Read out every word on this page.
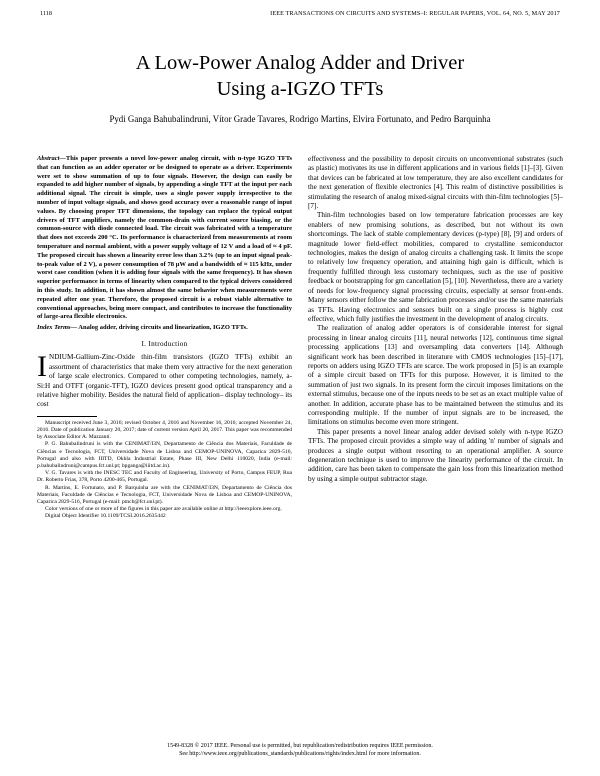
1118	IEEE TRANSACTIONS ON CIRCUITS AND SYSTEMS–I: REGULAR PAPERS, VOL. 64, NO. 5, MAY 2017
A Low-Power Analog Adder and Driver
Using a-IGZO TFTs
Pydi Ganga Bahubalindruni, Vítor Grade Tavares, Rodrigo Martins, Elvira Fortunato, and Pedro Barquinha
Abstract—This paper presents a novel low-power analog circuit, with n-type IGZO TFTs that can function as an adder operator or be designed to operate as a driver. Experiments were set to show summation of up to four signals. However, the design can easily be expanded to add higher number of signals, by appending a single TFT at the input per each additional signal. The circuit is simple, uses a single power supply irrespective to the number of input voltage signals, and shows good accuracy over a reasonable range of input values. By choosing proper TFT dimensions, the topology can replace the typical output drivers of TFT amplifiers, namely the common-drain with current source biasing, or the common-source with diode connected load. The circuit was fabricated with a temperature that does not exceeds 200 °C. Its performance is characterized from measurements at room temperature and normal ambient, with a power supply voltage of 12 V and a load of ≈ 4 pF. The proposed circuit has shown a linearity error less than 3.2% (up to an input signal peak-to-peak value of 2 V), a power consumption of 78 μW and a bandwidth of ≈ 115 kHz, under worst case condition (when it is adding four signals with the same frequency). It has shown superior performance in terms of linearity when compared to the typical drivers considered in this study. In addition, it has shown almost the same behavior when measurements were repeated after one year. Therefore, the proposed circuit is a robust viable alternative to conventional approaches, being more compact, and contributes to increase the functionality of large-area flexible electronics.
Index Terms— Analog adder, driving circuits and linearization, IGZO TFTs.
I. Introduction
INDIUM-Gallium-Zinc-Oxide thin-film transistors (IGZO TFTs) exhibit an assortment of characteristics that make them very attractive for the next generation of large scale electronics. Compared to other competing technologies, namely, a-Si:H and OTFT (organic-TFT), IGZO devices present good optical transparency and a relative higher mobility. Besides the natural field of application– display technology– its cost

Manuscript received June 3, 2016; revised October 4, 2016 and November 16, 2016; accepted November 24, 2016. Date of publication January 20, 2017; date of current version April 20, 2017. This paper was recommended by Associate Editor A. Mazzanti.

P. G. Bahubalindruni is with the CENIMAT/I3N, Departamento de Ciência dos Materiais, Faculdade de Ciências e Tecnologia, FCT, Universidade Nova de Lisboa and CEMOP-UNINOVA, Caparica 2829-516, Portugal and also with IIITD, Okhla Industrial Estate, Phase III, New Delhi 110020, India (e-mail: p.bahubalindruni@campus.fct.unl.pt; bpganga@iiitd.ac.in).

V. G. Tavares is with the INESC TEC and Faculty of Engineering, University of Porto, Campus FEUP, Rua Dr. Roberto Frias, 378, Porto 4200-465, Portugal.

R. Martins, E. Fortunato, and P. Barquinha are with the CENIMAT/I3N, Departamento de Ciência dos Materiais, Faculdade de Ciências e Tecnologia, FCT, Universidade Nova de Lisboa and CEMOP-UNINOVA, Caparica 2829-516, Portugal (e-mail: pmcb@fct.unl.pt).

Color versions of one or more of the figures in this paper are available online at http://ieeexplore.ieee.org.

Digital Object Identifier 10.1109/TCSI.2016.2635442

effectiveness and the possibility to deposit circuits on unconventional substrates (such as plastic) motivates its use in different applications and in various fields [1]–[3]. Given that devices can be fabricated at low temperature, they are also excellent candidates for the next generation of flexible electronics [4]. This realm of distinctive possibilities is stimulating the research of analog mixed-signal circuits with thin-film technologies [5]–[7].

Thin-film technologies based on low temperature fabrication processes are key enablers of new promising solutions, as described, but not without its own shortcomings. The lack of stable complementary devices (p-type) [8], [9] and orders of magnitude lower field-effect mobilities, compared to crystalline semiconductor technologies, makes the design of analog circuits a challenging task. It limits the scope to relatively low frequency operation, and attaining high gain is difficult, which is frequently fulfilled through less customary techniques, such as the use of positive feedback or bootstrapping for gm cancellation [5], [10]. Nevertheless, there are a variety of needs for low-frequency signal processing circuits, especially at sensor front-ends. Many sensors either follow the same fabrication processes and/or use the same materials as TFTs. Having electronics and sensors built on a single process is highly cost effective, which fully justifies the investment in the development of analog circuits.

The realization of analog adder operators is of considerable interest for signal processing in linear analog circuits [11], neural networks [12], continuous time signal processing applications [13] and oversampling data converters [14]. Although significant work has been described in literature with CMOS technologies [15]–[17], reports on adders using IGZO TFTs are scarce. The work proposed in [5] is an example of a simple circuit based on TFTs for this purpose. However, it is limited to the summation of just two signals. In its present form the circuit imposes limitations on the external stimulus, because one of the inputs needs to be set as an exact multiple value of another. In addition, accurate phase has to be maintained between the stimulus and its corresponding multiple. If the number of input signals are to be increased, the limitations on stimulus become even more stringent.

This paper presents a novel linear analog adder devised solely with n-type IGZO TFTs. The proposed circuit provides a simple way of adding 'n' number of signals and produces a single output without resorting to an operational amplifier. A source degeneration technique is used to improve the linearity performance of the circuit. In addition, care has been taken to compensate the gain loss from this linearization method by using a simple output subtractor stage.

1549-8328 © 2017 IEEE. Personal use is permitted, but republication/redistribution requires IEEE permission.
See http://www.ieee.org/publications_standards/publications/rights/index.html for more information.
